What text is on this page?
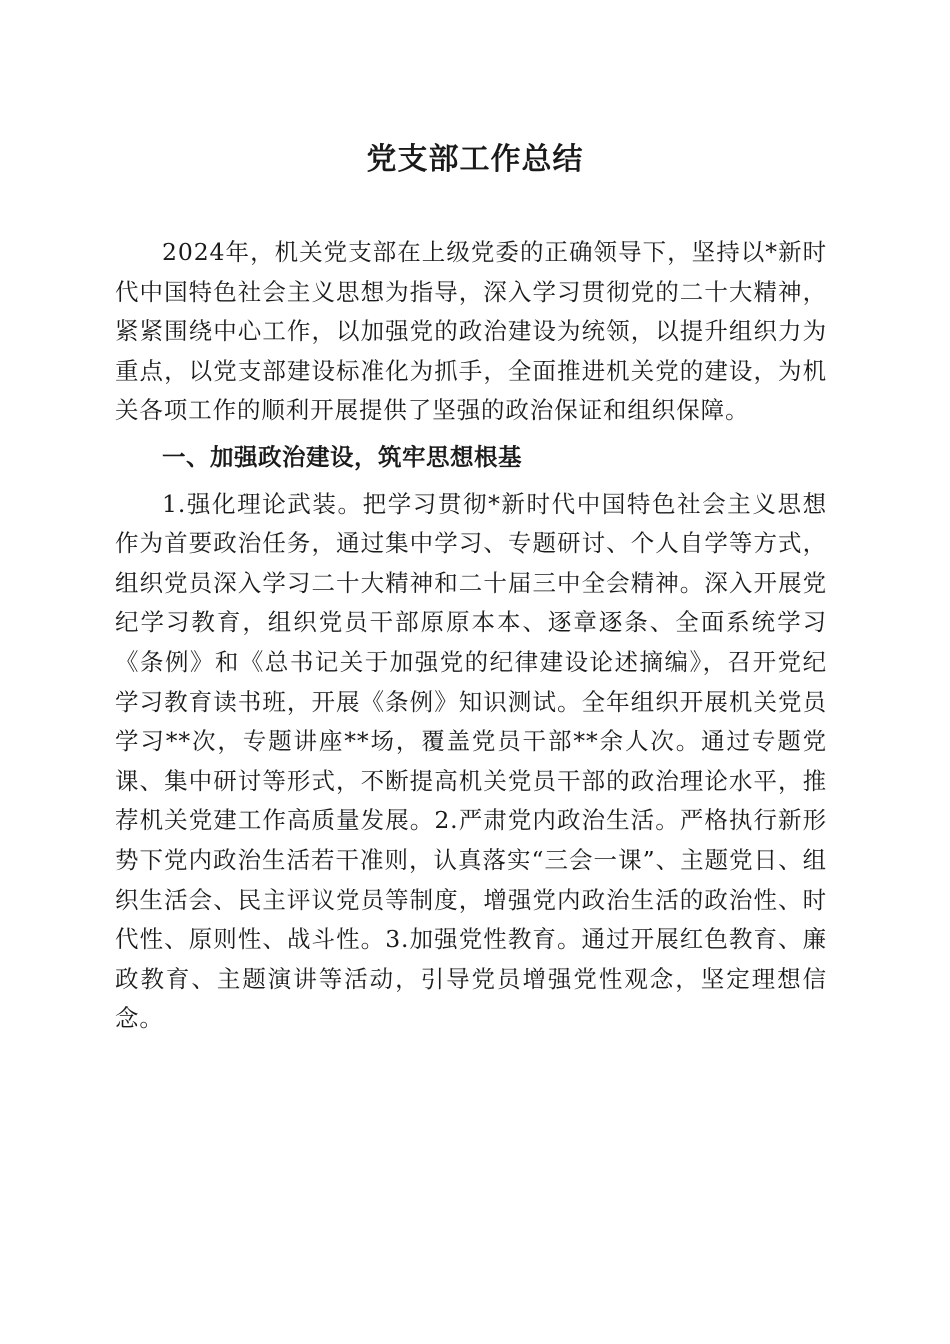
党支部工作总结

2024年，机关党支部在上级党委的正确领导下，坚持以*新时代中国特色社会主义思想为指导，深入学习贯彻党的二十大精神，紧紧围绕中心工作，以加强党的政治建设为统领，以提升组织力为重点，以党支部建设标准化为抓手，全面推进机关党的建设，为机关各项工作的顺利开展提供了坚强的政治保证和组织保障。

一、加强政治建设，筑牢思想根基

1.强化理论武装。把学习贯彻*新时代中国特色社会主义思想作为首要政治任务，通过集中学习、专题研讨、个人自学等方式，组织党员深入学习二十大精神和二十届三中全会精神。深入开展党纪学习教育，组织党员干部原原本本、逐章逐条、全面系统学习《条例》和《总书记关于加强党的纪律建设论述摘编》，召开党纪学习教育读书班，开展《条例》知识测试。全年组织开展机关党员学习**次，专题讲座**场，覆盖党员干部**余人次。通过专题党课、集中研讨等形式，不断提高机关党员干部的政治理论水平，推荐机关党建工作高质量发展。2.严肃党内政治生活。严格执行新形势下党内政治生活若干准则，认真落实“三会一课”、主题党日、组织生活会、民主评议党员等制度，增强党内政治生活的政治性、时代性、原则性、战斗性。3.加强党性教育。通过开展红色教育、廉政教育、主题演讲等活动，引导党员增强党性观念，坚定理想信念。
